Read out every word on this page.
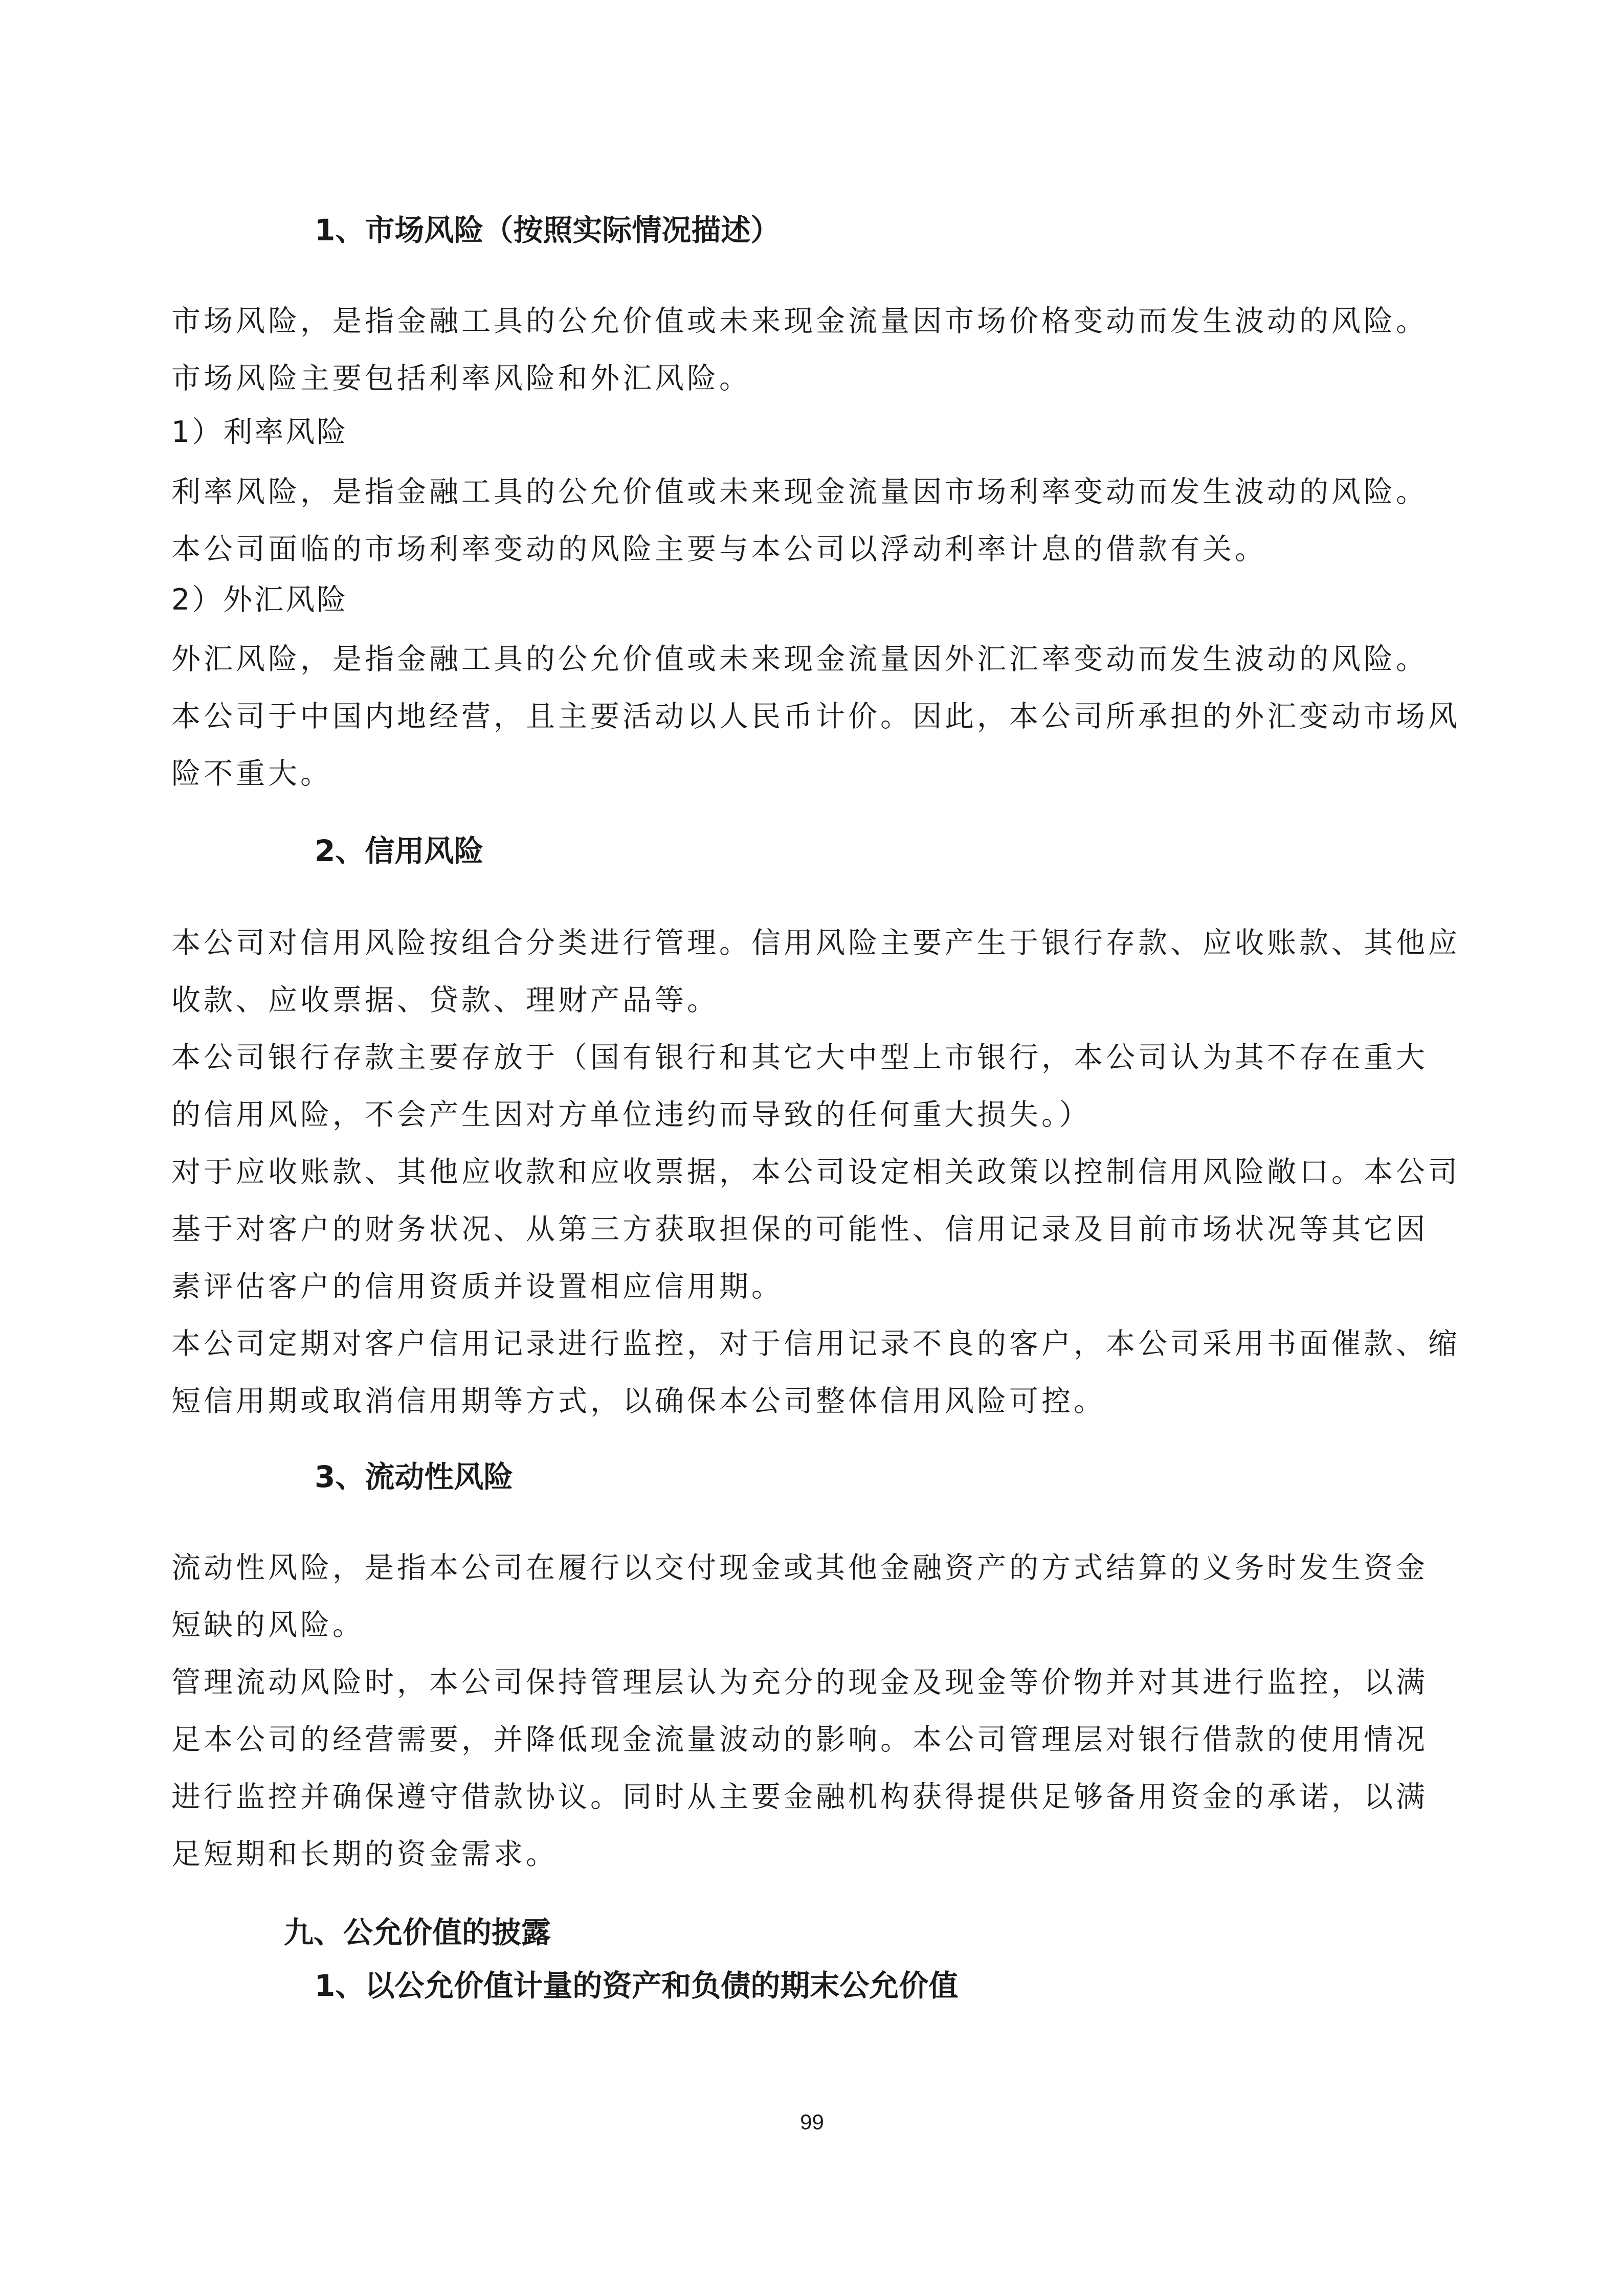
1、市场风险（按照实际情况描述）
市场风险，是指金融工具的公允价值或未来现金流量因市场价格变动而发生波动的风险。
市场风险主要包括利率风险和外汇风险。
1）利率风险
利率风险，是指金融工具的公允价值或未来现金流量因市场利率变动而发生波动的风险。
本公司面临的市场利率变动的风险主要与本公司以浮动利率计息的借款有关。
2）外汇风险
外汇风险，是指金融工具的公允价值或未来现金流量因外汇汇率变动而发生波动的风险。
本公司于中国内地经营，且主要活动以人民币计价。因此，本公司所承担的外汇变动市场风
险不重大。
2、信用风险
本公司对信用风险按组合分类进行管理。信用风险主要产生于银行存款、应收账款、其他应
收款、应收票据、贷款、理财产品等。
本公司银行存款主要存放于（国有银行和其它大中型上市银行，本公司认为其不存在重大
的信用风险，不会产生因对方单位违约而导致的任何重大损失。）
对于应收账款、其他应收款和应收票据，本公司设定相关政策以控制信用风险敞口。本公司
基于对客户的财务状况、从第三方获取担保的可能性、信用记录及目前市场状况等其它因
素评估客户的信用资质并设置相应信用期。
本公司定期对客户信用记录进行监控，对于信用记录不良的客户，本公司采用书面催款、缩
短信用期或取消信用期等方式，以确保本公司整体信用风险可控。
3、流动性风险
流动性风险，是指本公司在履行以交付现金或其他金融资产的方式结算的义务时发生资金
短缺的风险。
管理流动风险时，本公司保持管理层认为充分的现金及现金等价物并对其进行监控，以满
足本公司的经营需要，并降低现金流量波动的影响。本公司管理层对银行借款的使用情况
进行监控并确保遵守借款协议。同时从主要金融机构获得提供足够备用资金的承诺，以满
足短期和长期的资金需求。
九、公允价值的披露
1、以公允价值计量的资产和负债的期末公允价值
99
